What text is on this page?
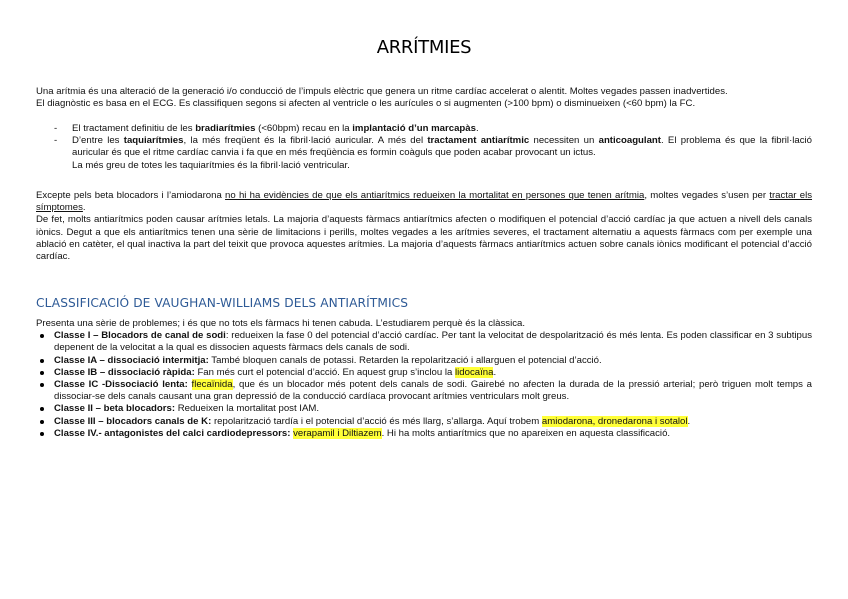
ARRÍTMIES

Una arítmia és una alteració de la generació i/o conducció de l’impuls elèctric que genera un ritme cardíac accelerat o alentit. Moltes vegades passen inadvertides.

El diagnòstic es basa en el ECG. Es classifiquen segons si afecten al ventricle o les aurícules o si augmenten (>100 bpm) o disminueixen (<60 bpm) la FC.

- El tractament definitiu de les bradiarítmies (<60bpm) recau en la implantació d’un marcapàs.
- D’entre les taquiarítmies, la més freqüent és la fibril·lació auricular. A més del tractament antiarítmic necessiten un anticoagulant. El problema és que la fibril·lació auricular és que el ritme cardíac canvia i fa que en més freqüència es formin coàguls que poden acabar provocant un ictus.
La més greu de totes les taquiarítmies és la fibril·lació ventricular.

Excepte pels beta blocadors i l’amiodarona no hi ha evidències de que els antiarítmics redueixen la mortalitat en persones que tenen arítmia, moltes vegades s’usen per tractar els símptomes.
De fet, molts antiarítmics poden causar arítmies letals. La majoria d’aquests fàrmacs antiarítmics afecten o modifiquen el potencial d’acció cardíac ja que actuen a nivell dels canals iònics. Degut a que els antiarítmics tenen una sèrie de limitacions i perills, moltes vegades a les arítmies severes, el tractament alternatiu a aquests fàrmacs com per exemple una ablació en catèter, el qual inactiva la part del teixit que provoca aquestes arítmies. La majoria d’aquests fàrmacs antiarítmics actuen sobre canals iònics modificant el potencial d’acció cardíac.

CLASSIFICACIÓ DE VAUGHAN-WILLIAMS DELS ANTIARÍTMICS

Presenta una sèrie de problemes; i és que no tots els fàrmacs hi tenen cabuda. L’estudiarem perquè és la clàssica.

Classe I – Blocadors de canal de sodi: redueixen la fase 0 del potencial d’acció cardíac. Per tant la velocitat de despolarització és més lenta. Es poden classificar en 3 subtipus depenent de la velocitat a la qual es dissocien aquests fàrmacs dels canals de sodi.
Classe IA – dissociació intermitja: També bloquen canals de potassi. Retarden la repolarització i allarguen el potencial d’acció.
Classe IB – dissociació ràpida: Fan més curt el potencial d’acció. En aquest grup s’inclou la lidocaïna.
Classe IC -Dissociació lenta: flecaïnida, que és un blocador més potent dels canals de sodi. Gairebé no afecten la durada de la pressió arterial; però triguen molt temps a dissociar-se dels canals causant una gran depressió de la conducció cardíaca provocant arítmies ventriculars molt greus.
Classe II – beta blocadors: Redueixen la mortalitat post IAM.
Classe III – blocadors canals de K: repolarització tardía i el potencial d’acció és més llarg, s’allarga. Aquí trobem amiodarona, dronedarona i sotalol.
Classe IV.- antagonistes del calci cardiodepressors: verapamil i Diltiazem. Hi ha molts antiarítmics que no apareixen en aquesta classificació.
